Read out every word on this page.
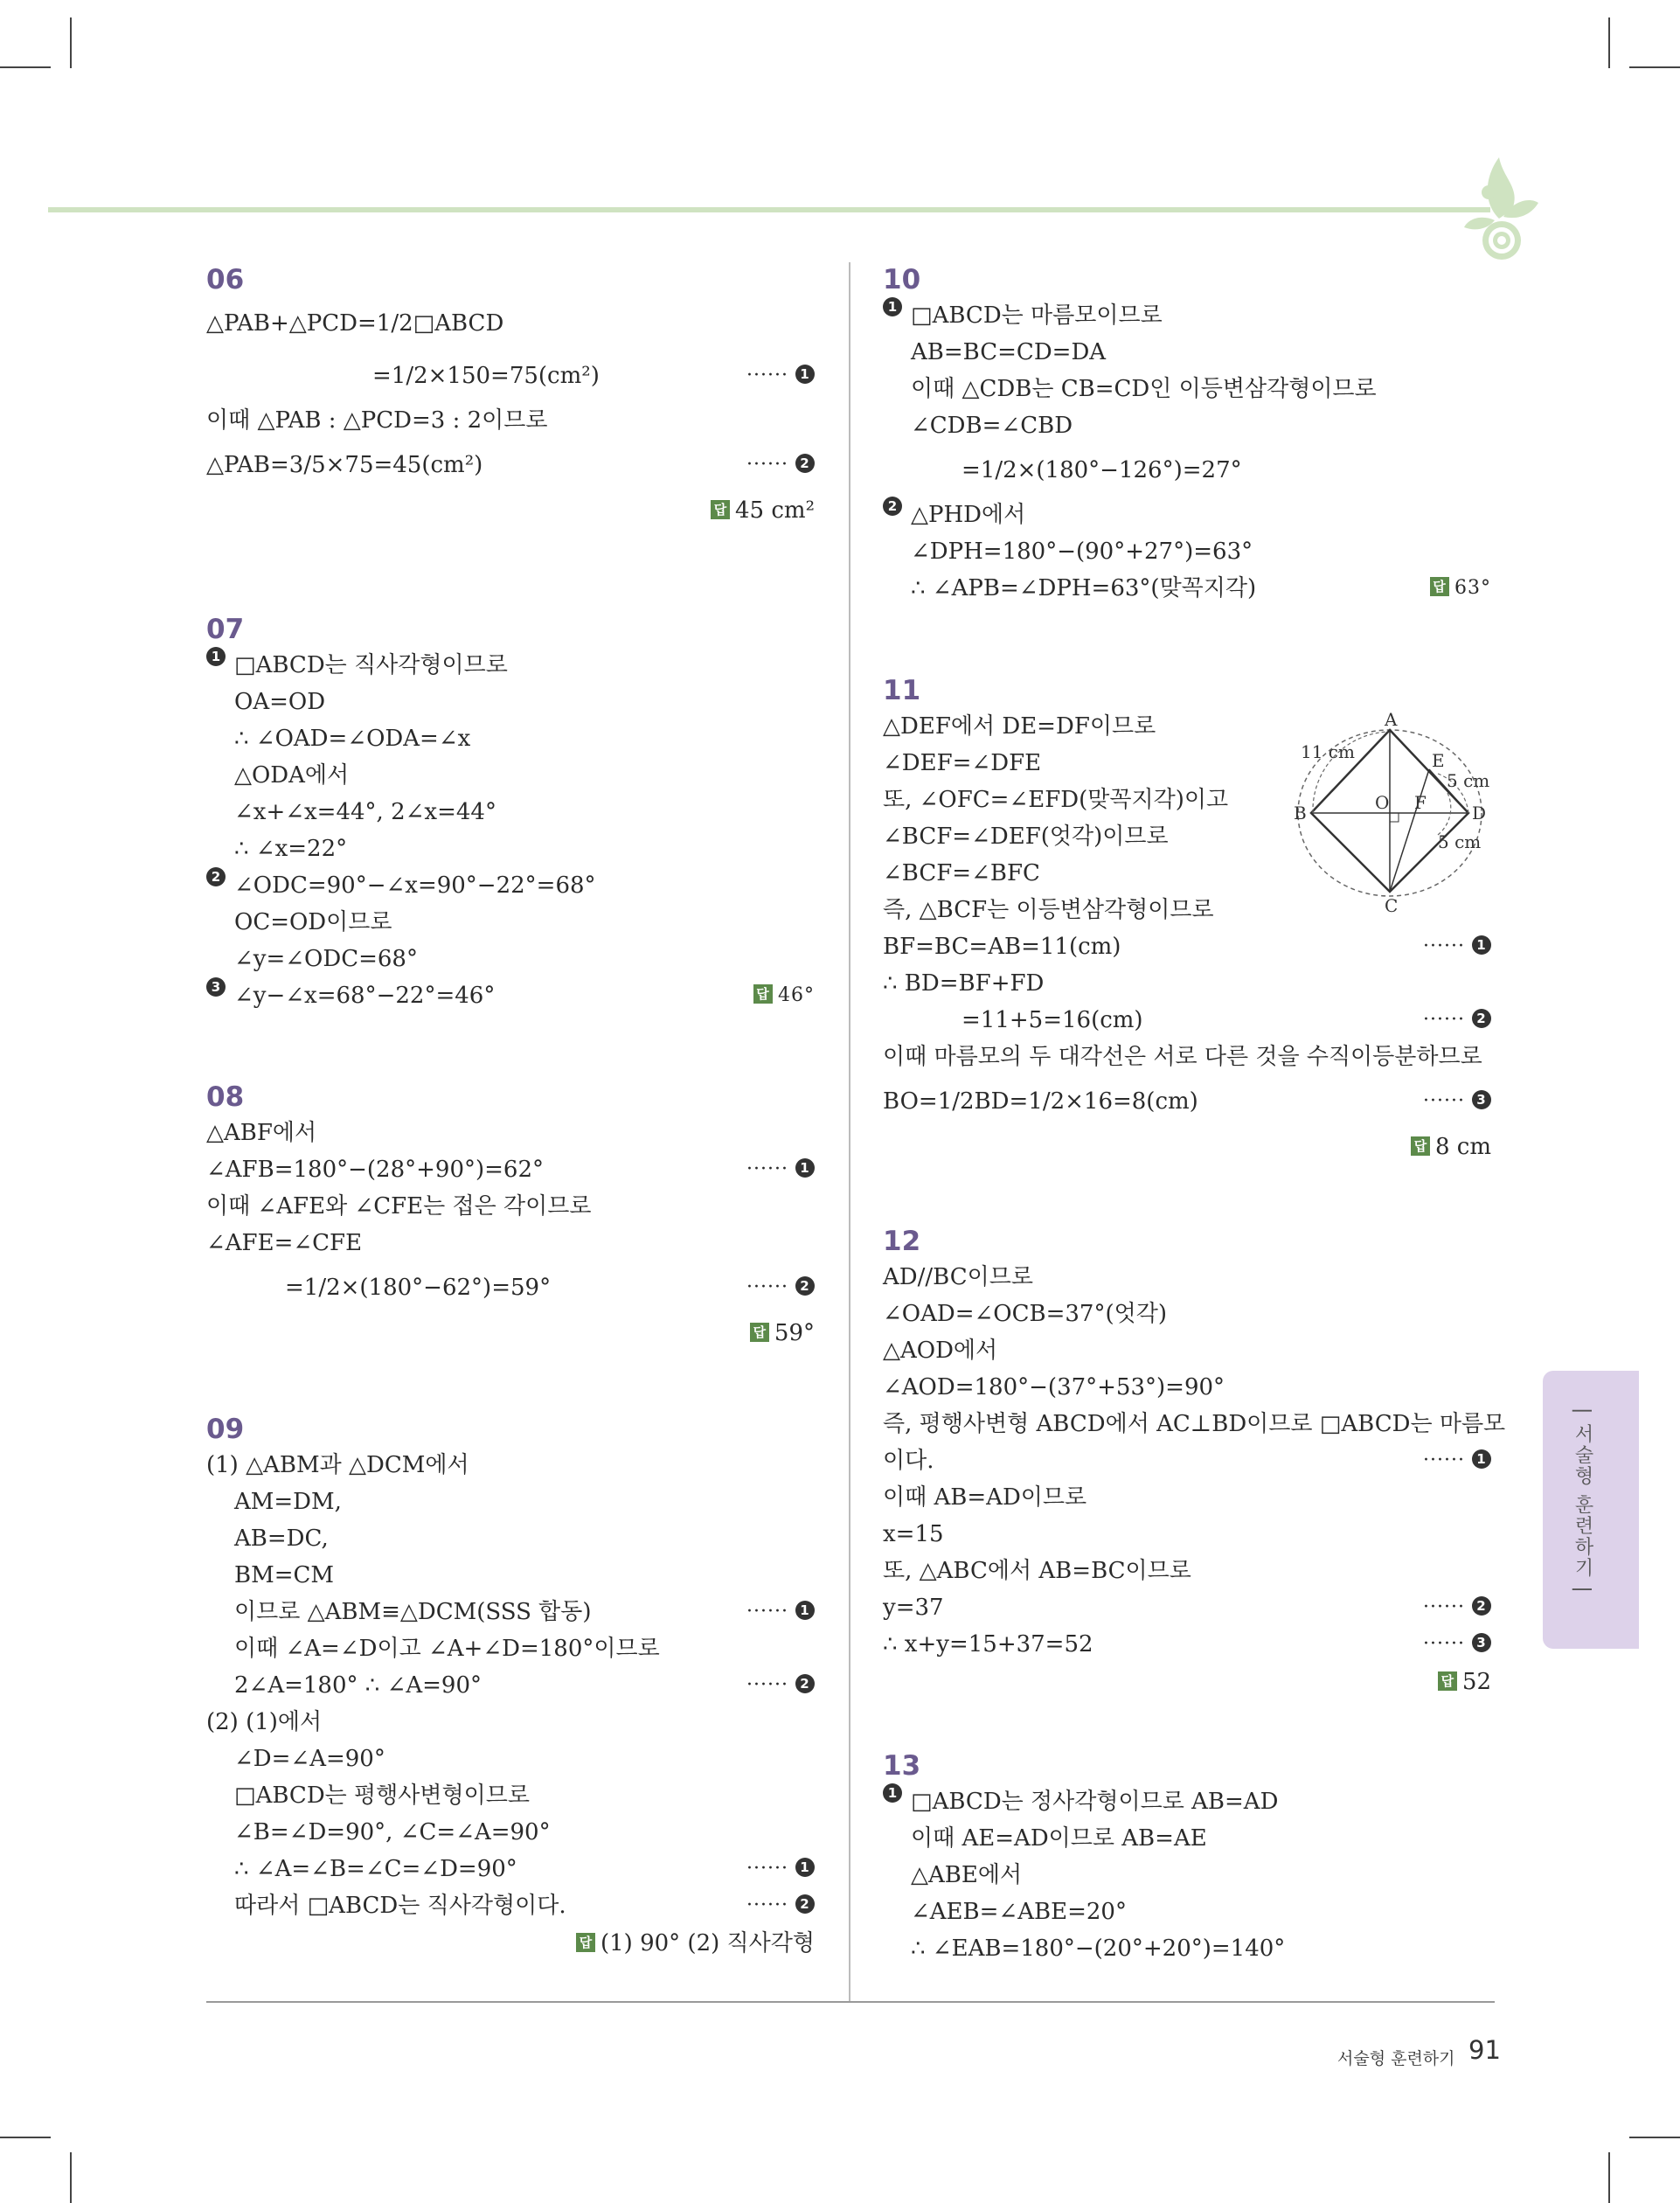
06
△PAB+△PCD=1/2□ABCD
=1/2×150=75(cm²)	······ 1
이때 △PAB : △PCD=3 : 2이므로
△PAB=3/5×75=45(cm²)	······ 2
답 45 cm²
07
1 □ABCD는 직사각형이므로
OA=OD
∴ ∠OAD=∠ODA=∠x
△ODA에서
∠x+∠x=44°, 2∠x=44°
∴ ∠x=22°
2 ∠ODC=90°−∠x=90°−22°=68°
OC=OD이므로
∠y=∠ODC=68°
3 ∠y−∠x=68°−22°=46°	답 46°
08
△ABF에서
∠AFB=180°−(28°+90°)=62°	······ 1
이때 ∠AFE와 ∠CFE는 접은 각이므로
∠AFE=∠CFE
=1/2×(180°−62°)=59°	······ 2
답 59°
09
(1) △ABM과 △DCM에서
AM=DM,
AB=DC,
BM=CM
이므로 △ABM≡△DCM(SSS 합동)	······ 1
이때 ∠A=∠D이고 ∠A+∠D=180°이므로
2∠A=180° ∴ ∠A=90°	······ 2
(2) (1)에서
∠D=∠A=90°
□ABCD는 평행사변형이므로
∠B=∠D=90°, ∠C=∠A=90°
∴ ∠A=∠B=∠C=∠D=90°	······ 1
따라서 □ABCD는 직사각형이다.	······ 2
답 (1) 90° (2) 직사각형
10
1 □ABCD는 마름모이므로
AB=BC=CD=DA
이때 △CDB는 CB=CD인 이등변삼각형이므로
∠CDB=∠CBD
=1/2×(180°−126°)=27°
2 △PHD에서
∠DPH=180°−(90°+27°)=63°
∴ ∠APB=∠DPH=63°(맞꼭지각)	답 63°
11
△DEF에서 DE=DF이므로
∠DEF=∠DFE
또, ∠OFC=∠EFD(맞꼭지각)이고
∠BCF=∠DEF(엇각)이므로
∠BCF=∠BFC
즉, △BCF는 이등변삼각형이므로
BF=BC=AB=11(cm)	······ 1
∴ BD=BF+FD
=11+5=16(cm)	······ 2
이때 마름모의 두 대각선은 서로 다른 것을 수직이등분하므로
BO=1/2BD=1/2×16=8(cm)	······ 3
답 8 cm
12
AD//BC이므로
∠OAD=∠OCB=37°(엇각)
△AOD에서
∠AOD=180°−(37°+53°)=90°
즉, 평행사변형 ABCD에서 AC⊥BD이므로 □ABCD는 마름모
이다.	······ 1
이때 AB=AD이므로
x=15
또, △ABC에서 AB=BC이므로
y=37	······ 2
∴ x+y=15+37=52	······ 3
답 52
13
1 □ABCD는 정사각형이므로 AB=AD
이때 AE=AD이므로 AB=AE
△ABE에서
∠AEB=∠ABE=20°
∴ ∠EAB=180°−(20°+20°)=140°
A
B
C
D
E
F
O
11 cm
5 cm
5 cm
| 서술형 훈련하기 |
서술형 훈련하기 91
